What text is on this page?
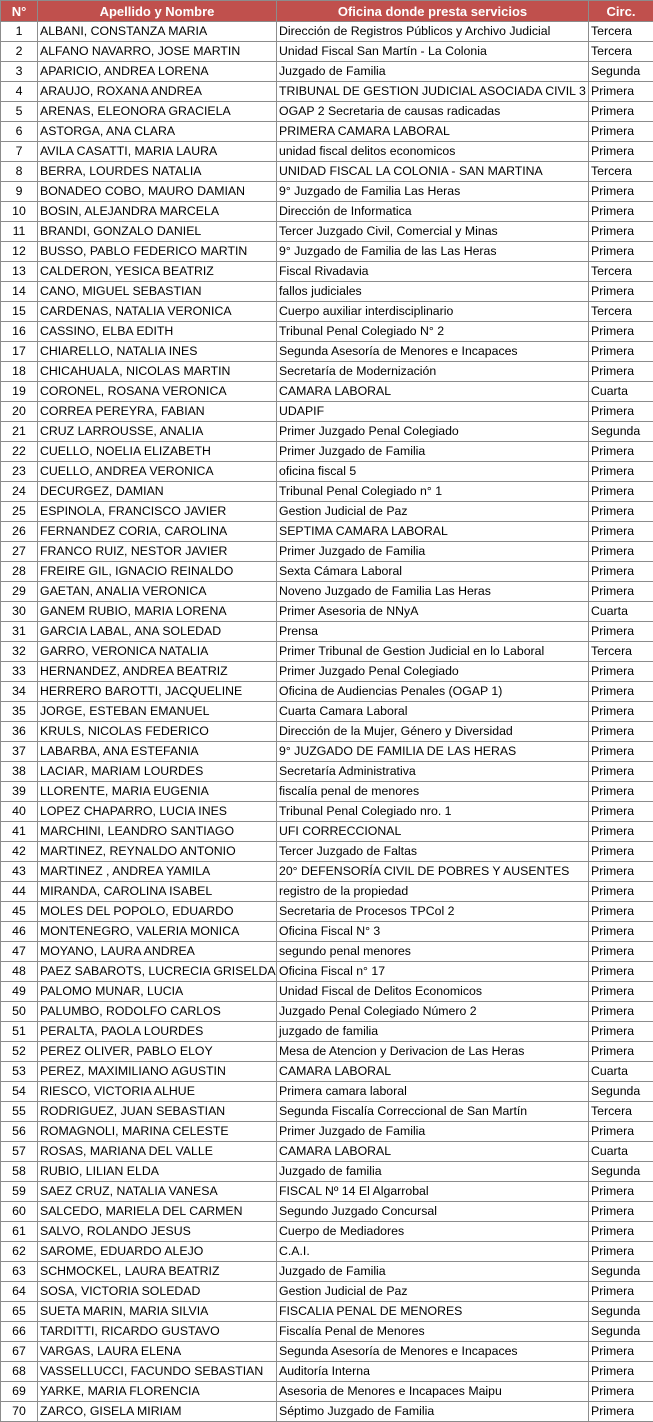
N°	Apellido y Nombre	Oficina donde presta servicios	Circ.
1	ALBANI, CONSTANZA MARIA	Dirección de Registros Públicos y Archivo Judicial	Tercera
2	ALFANO NAVARRO, JOSE MARTIN	Unidad Fiscal San Martín - La Colonia	Tercera
3	APARICIO, ANDREA LORENA	Juzgado de Familia	Segunda
4	ARAUJO, ROXANA ANDREA	TRIBUNAL DE GESTION JUDICIAL ASOCIADA CIVIL 3	Primera
5	ARENAS, ELEONORA GRACIELA	OGAP 2 Secretaria de causas radicadas	Primera
6	ASTORGA, ANA CLARA	PRIMERA CAMARA LABORAL	Primera
7	AVILA CASATTI, MARIA LAURA	unidad fiscal delitos economicos	Primera
8	BERRA, LOURDES NATALIA	UNIDAD FISCAL LA COLONIA - SAN MARTINA	Tercera
9	BONADEO COBO, MAURO DAMIAN	9° Juzgado de Familia Las Heras	Primera
10	BOSIN, ALEJANDRA MARCELA	Dirección de Informatica	Primera
11	BRANDI, GONZALO DANIEL	Tercer Juzgado Civil, Comercial y Minas	Primera
12	BUSSO, PABLO FEDERICO MARTIN	9° Juzgado de Familia de las Las Heras	Primera
13	CALDERON, YESICA BEATRIZ	Fiscal Rivadavia	Tercera
14	CANO, MIGUEL SEBASTIAN	fallos judiciales	Primera
15	CARDENAS, NATALIA VERONICA	Cuerpo auxiliar interdisciplinario	Tercera
16	CASSINO, ELBA EDITH	Tribunal Penal Colegiado N° 2	Primera
17	CHIARELLO, NATALIA INES	Segunda Asesoría de Menores e Incapaces	Primera
18	CHICAHUALA, NICOLAS MARTIN	Secretaría de Modernización	Primera
19	CORONEL, ROSANA VERONICA	CAMARA LABORAL	Cuarta
20	CORREA PEREYRA, FABIAN	UDAPIF	Primera
21	CRUZ LARROUSSE, ANALIA	Primer Juzgado Penal Colegiado	Segunda
22	CUELLO, NOELIA ELIZABETH	Primer Juzgado de Familia	Primera
23	CUELLO, ANDREA VERONICA	oficina fiscal 5	Primera
24	DECURGEZ, DAMIAN	Tribunal Penal Colegiado n° 1	Primera
25	ESPINOLA, FRANCISCO JAVIER	Gestion Judicial de Paz	Primera
26	FERNANDEZ CORIA, CAROLINA	SEPTIMA CAMARA LABORAL	Primera
27	FRANCO RUIZ, NESTOR JAVIER	Primer Juzgado de Familia	Primera
28	FREIRE GIL, IGNACIO REINALDO	Sexta Cámara Laboral	Primera
29	GAETAN, ANALIA VERONICA	Noveno Juzgado de Familia Las Heras	Primera
30	GANEM RUBIO, MARIA LORENA	Primer Asesoria de NNyA	Cuarta
31	GARCIA LABAL, ANA SOLEDAD	Prensa	Primera
32	GARRO, VERONICA NATALIA	Primer Tribunal de Gestion Judicial en lo Laboral	Tercera
33	HERNANDEZ, ANDREA BEATRIZ	Primer Juzgado Penal Colegiado	Primera
34	HERRERO BAROTTI, JACQUELINE	Oficina de Audiencias Penales (OGAP 1)	Primera
35	JORGE, ESTEBAN EMANUEL	Cuarta Camara Laboral	Primera
36	KRULS, NICOLAS FEDERICO	Dirección de la Mujer, Género y Diversidad	Primera
37	LABARBA, ANA ESTEFANIA	9° JUZGADO DE FAMILIA DE LAS HERAS	Primera
38	LACIAR, MARIAM LOURDES	Secretaría Administrativa	Primera
39	LLORENTE, MARIA EUGENIA	fiscalía penal de menores	Primera
40	LOPEZ CHAPARRO, LUCIA INES	Tribunal Penal Colegiado nro. 1	Primera
41	MARCHINI, LEANDRO SANTIAGO	UFI CORRECCIONAL	Primera
42	MARTINEZ, REYNALDO ANTONIO	Tercer Juzgado de Faltas	Primera
43	MARTINEZ , ANDREA YAMILA	20° DEFENSORÍA CIVIL DE POBRES Y AUSENTES	Primera
44	MIRANDA, CAROLINA ISABEL	registro de la propiedad	Primera
45	MOLES DEL POPOLO, EDUARDO	Secretaria de Procesos TPCol 2	Primera
46	MONTENEGRO, VALERIA MONICA	Oficina Fiscal N° 3	Primera
47	MOYANO, LAURA ANDREA	segundo penal menores	Primera
48	PAEZ SABAROTS, LUCRECIA GRISELDA	Oficina Fiscal n° 17	Primera
49	PALOMO MUNAR, LUCIA	Unidad Fiscal de Delitos Economicos	Primera
50	PALUMBO, RODOLFO CARLOS	Juzgado Penal Colegiado Número 2	Primera
51	PERALTA, PAOLA LOURDES	juzgado de familia	Primera
52	PEREZ OLIVER, PABLO ELOY	Mesa de Atencion y Derivacion de Las Heras	Primera
53	PEREZ, MAXIMILIANO AGUSTIN	CAMARA LABORAL	Cuarta
54	RIESCO, VICTORIA ALHUE	Primera camara laboral	Segunda
55	RODRIGUEZ, JUAN SEBASTIAN	Segunda Fiscalía Correccional de San Martín	Tercera
56	ROMAGNOLI, MARINA CELESTE	Primer Juzgado de Familia	Primera
57	ROSAS, MARIANA DEL VALLE	CAMARA LABORAL	Cuarta
58	RUBIO, LILIAN ELDA	Juzgado de familia	Segunda
59	SAEZ CRUZ, NATALIA VANESA	FISCAL Nº 14 El Algarrobal	Primera
60	SALCEDO, MARIELA DEL CARMEN	Segundo Juzgado Concursal	Primera
61	SALVO, ROLANDO JESUS	Cuerpo de Mediadores	Primera
62	SAROME, EDUARDO ALEJO	C.A.I.	Primera
63	SCHMOCKEL, LAURA BEATRIZ	Juzgado de Familia	Segunda
64	SOSA, VICTORIA SOLEDAD	Gestion Judicial de Paz	Primera
65	SUETA MARIN, MARIA SILVIA	FISCALIA PENAL DE MENORES	Segunda
66	TARDITTI, RICARDO GUSTAVO	Fiscalía Penal de Menores	Segunda
67	VARGAS, LAURA ELENA	Segunda Asesoría de Menores e Incapaces	Primera
68	VASSELLUCCI, FACUNDO SEBASTIAN	Auditoría Interna	Primera
69	YARKE, MARIA FLORENCIA	Asesoria de Menores e Incapaces Maipu	Primera
70	ZARCO, GISELA MIRIAM	Séptimo Juzgado de Familia	Primera
